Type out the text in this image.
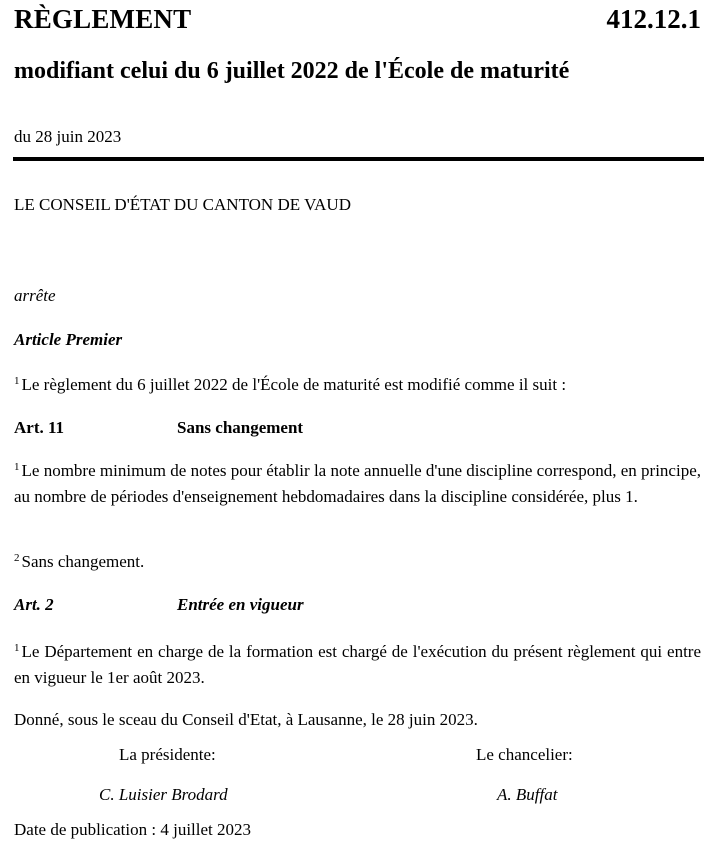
RÈGLEMENT	412.12.1
modifiant celui du 6 juillet 2022 de l'École de maturité
du 28 juin 2023
LE CONSEIL D'ÉTAT DU CANTON DE VAUD
arrête
Article Premier
$^1$ Le règlement du 6 juillet 2022 de l'École de maturité est modifié comme il suit :
Art. 11	Sans changement
$^1$ Le nombre minimum de notes pour établir la note annuelle d'une discipline correspond, en principe, au nombre de périodes d'enseignement hebdomadaires dans la discipline considérée, plus 1.
$^2$ Sans changement.
Art. 2	Entrée en vigueur
$^1$ Le Département en charge de la formation est chargé de l'exécution du présent règlement qui entre en vigueur le 1er août 2023.
Donné, sous le sceau du Conseil d'Etat, à Lausanne, le 28 juin 2023.
La présidente:	Le chancelier:
C. Luisier Brodard	A. Buffat
Date de publication : 4 juillet 2023
